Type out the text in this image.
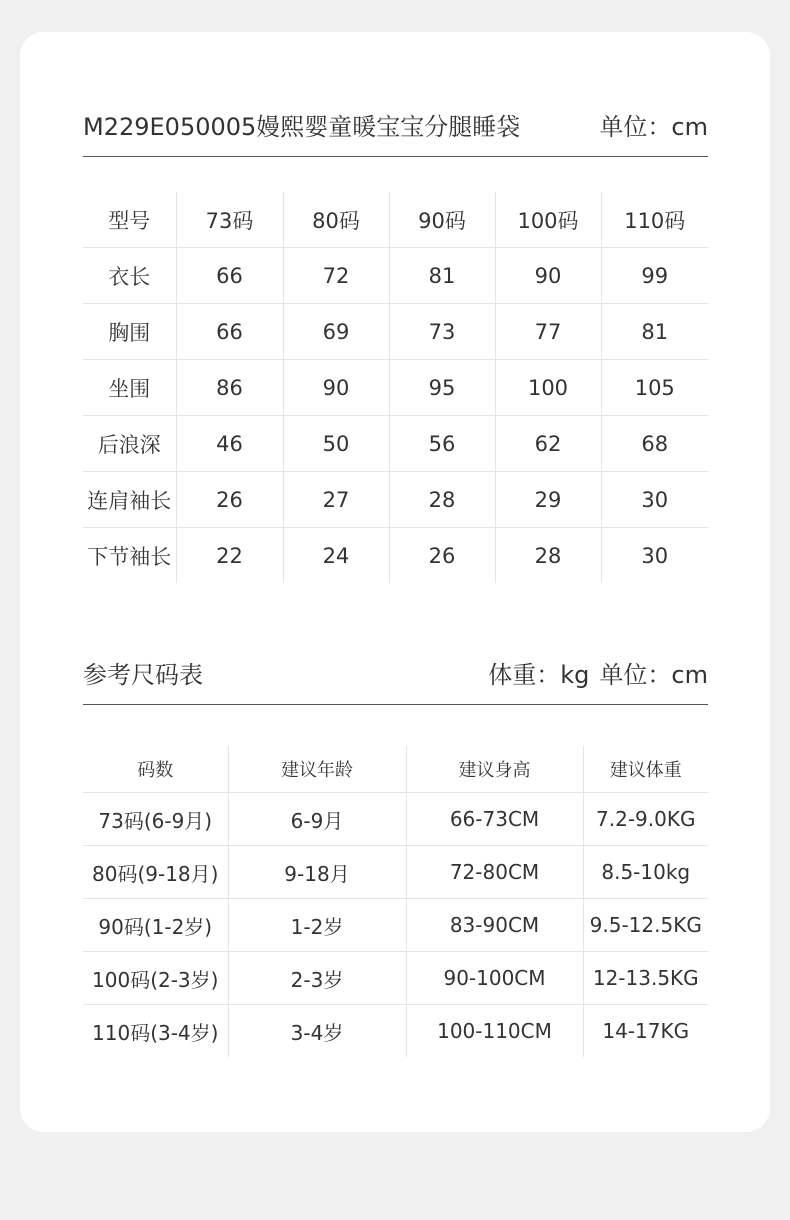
M229E050005嫚熙婴童暖宝宝分腿睡袋	单位：cm
型号	73码	80码	90码	100码	110码
衣长	66	72	81	90	99
胸围	66	69	73	77	81
坐围	86	90	95	100	105
后浪深	46	50	56	62	68
连肩袖长	26	27	28	29	30
下节袖长	22	24	26	28	30
参考尺码表	体重：kg 单位：cm
码数	建议年龄	建议身高	建议体重
73码(6-9月)	6-9月	66-73CM	7.2-9.0KG
80码(9-18月)	9-18月	72-80CM	8.5-10kg
90码(1-2岁)	1-2岁	83-90CM	9.5-12.5KG
100码(2-3岁)	2-3岁	90-100CM	12-13.5KG
110码(3-4岁)	3-4岁	100-110CM	14-17KG
